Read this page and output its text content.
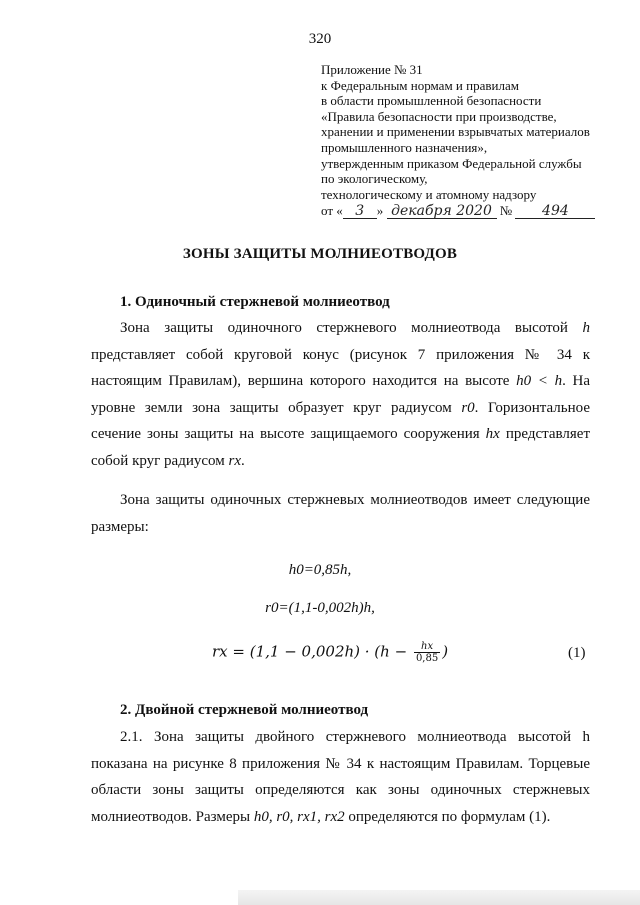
320
Приложение № 31
к Федеральным нормам и правилам
в области промышленной безопасности
«Правила безопасности при производстве,
хранении и применении взрывчатых материалов
промышленного назначения»,
утвержденным приказом Федеральной службы
по экологическому,
технологическому и атомному надзору
от « 3 » декабря 2020 № 494
ЗОНЫ ЗАЩИТЫ МОЛНИЕОТВОДОВ
1. Одиночный стержневой молниеотвод
Зона защиты одиночного стержневого молниеотвода высотой h представляет собой круговой конус (рисунок 7 приложения № 34 к настоящим Правилам), вершина которого находится на высоте h0 < h. На уровне земли зона защиты образует круг радиусом r0. Горизонтальное сечение зоны защиты на высоте защищаемого сооружения hx представляет собой круг радиусом rx.
Зона защиты одиночных стержневых молниеотводов имеет следующие размеры:
h0=0,85h,
r0=(1,1-0,002h)h,
rx = $(1,1 - 0,002h) \cdot (h - \frac{hx}{0,85}$ )	(1)
2. Двойной стержневой молниеотвод
2.1. Зона защиты двойного стержневого молниеотвода высотой h показана на рисунке 8 приложения № 34 к настоящим Правилам. Торцевые области зоны защиты определяются как зоны одиночных стержневых молниеотводов. Размеры h0, r0, rx1, rx2 определяются по формулам (1).
